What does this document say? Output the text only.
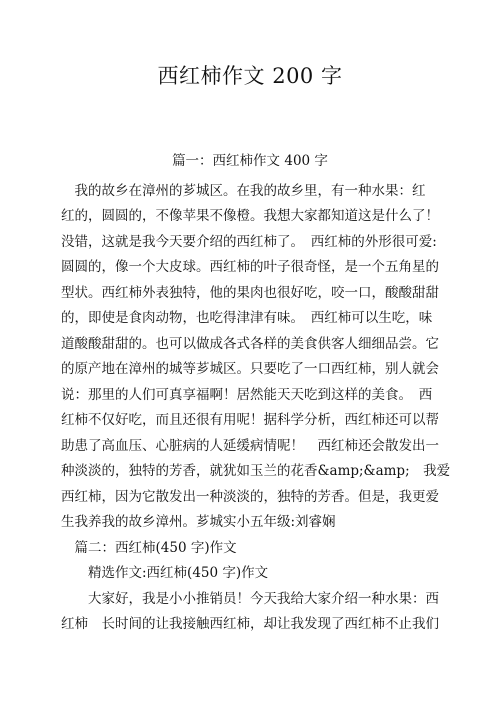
西红柿作文 200 字
篇一：西红柿作文 400 字
　我的故乡在漳州的芗城区。在我的故乡里，有一种水果：红
红的，圆圆的，不像苹果不像橙。我想大家都知道这是什么了！
没错，这就是我今天要介绍的西红柿了。　西红柿的外形很可爱:
圆圆的，像一个大皮球。西红柿的叶子很奇怪，是一个五角星的
型状。西红柿外表独特，他的果肉也很好吃，咬一口，酸酸甜甜
的，即使是食肉动物，也吃得津津有味。　西红柿可以生吃，味
道酸酸甜甜的。也可以做成各式各样的美食供客人细细品尝。它
的原产地在漳州的城等芗城区。只要吃了一口西红柿，别人就会
说：那里的人们可真享福啊！居然能天天吃到这样的美食。　西
红柿不仅好吃，而且还很有用呢！据科学分析，西红柿还可以帮
助患了高血压、心脏病的人延缓病情呢！　西红柿还会散发出一
种淡淡的，独特的芳香，就犹如玉兰的花香&amp;&amp;　我爱
西红柿，因为它散发出一种淡淡的，独特的芳香。但是，我更爱
生我养我的故乡漳州。芗城实小五年级:刘睿娴
　篇二：西红柿(450 字)作文
　　精选作文:西红柿(450 字)作文
　　大家好，我是小小推销员！今天我给大家介绍一种水果：西
红柿　长时间的让我接触西红柿，却让我发现了西红柿不止我们
